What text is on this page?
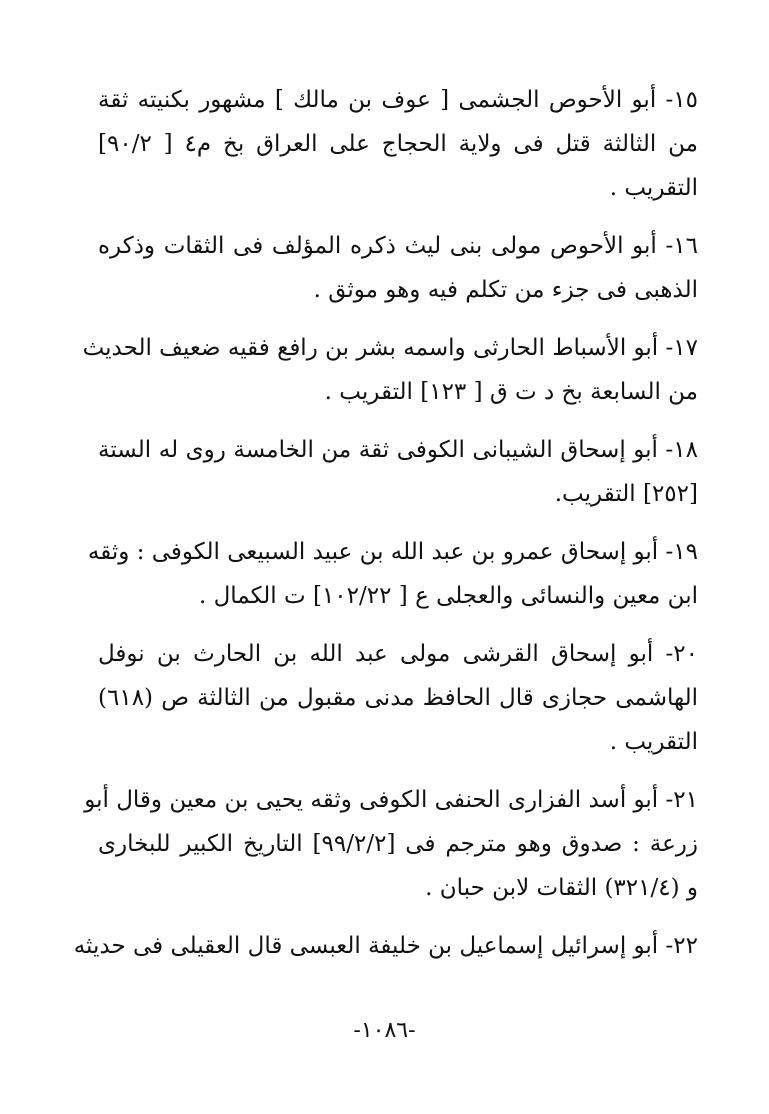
١٥- أبو الأحوص الجشمى [ عوف بن مالك ] مشهور بكنيته ثقة
من الثالثة قتل فى ولاية الحجاج على العراق بخ م٤ [ ٩٠/٢]
التقريب .
١٦- أبو الأحوص مولى بنى ليث ذكره المؤلف فى الثقات وذكره
الذهبى فى جزء من تكلم فيه وهو موثق .
١٧- أبو الأسباط الحارثى واسمه بشر بن رافع فقيه ضعيف الحديث
من السابعة بخ د ت ق [ ١٢٣] التقريب .
١٨- أبو إسحاق الشيبانى الكوفى ثقة من الخامسة روى له الستة
[٢٥٢] التقريب.
١٩- أبو إسحاق عمرو بن عبد الله بن عبيد السبيعى الكوفى : وثقه
ابن معين والنسائى والعجلى ع [ ١٠٢/٢٢] ت الكمال .
٢٠- أبو إسحاق القرشى مولى عبد الله بن الحارث بن نوفل
الهاشمى حجازى قال الحافظ مدنى مقبول من الثالثة ص (٦١٨)
التقريب .
٢١- أبو أسد الفزارى الحنفى الكوفى وثقه يحيى بن معين وقال أبو
زرعة : صدوق وهو مترجم فى [٩٩/٢/٢] التاريخ الكبير للبخارى
و (٣٢١/٤) الثقات لابن حبان .
٢٢- أبو إسرائيل إسماعيل بن خليفة العبسى قال العقيلى فى حديثه
-١٠٨٦-
